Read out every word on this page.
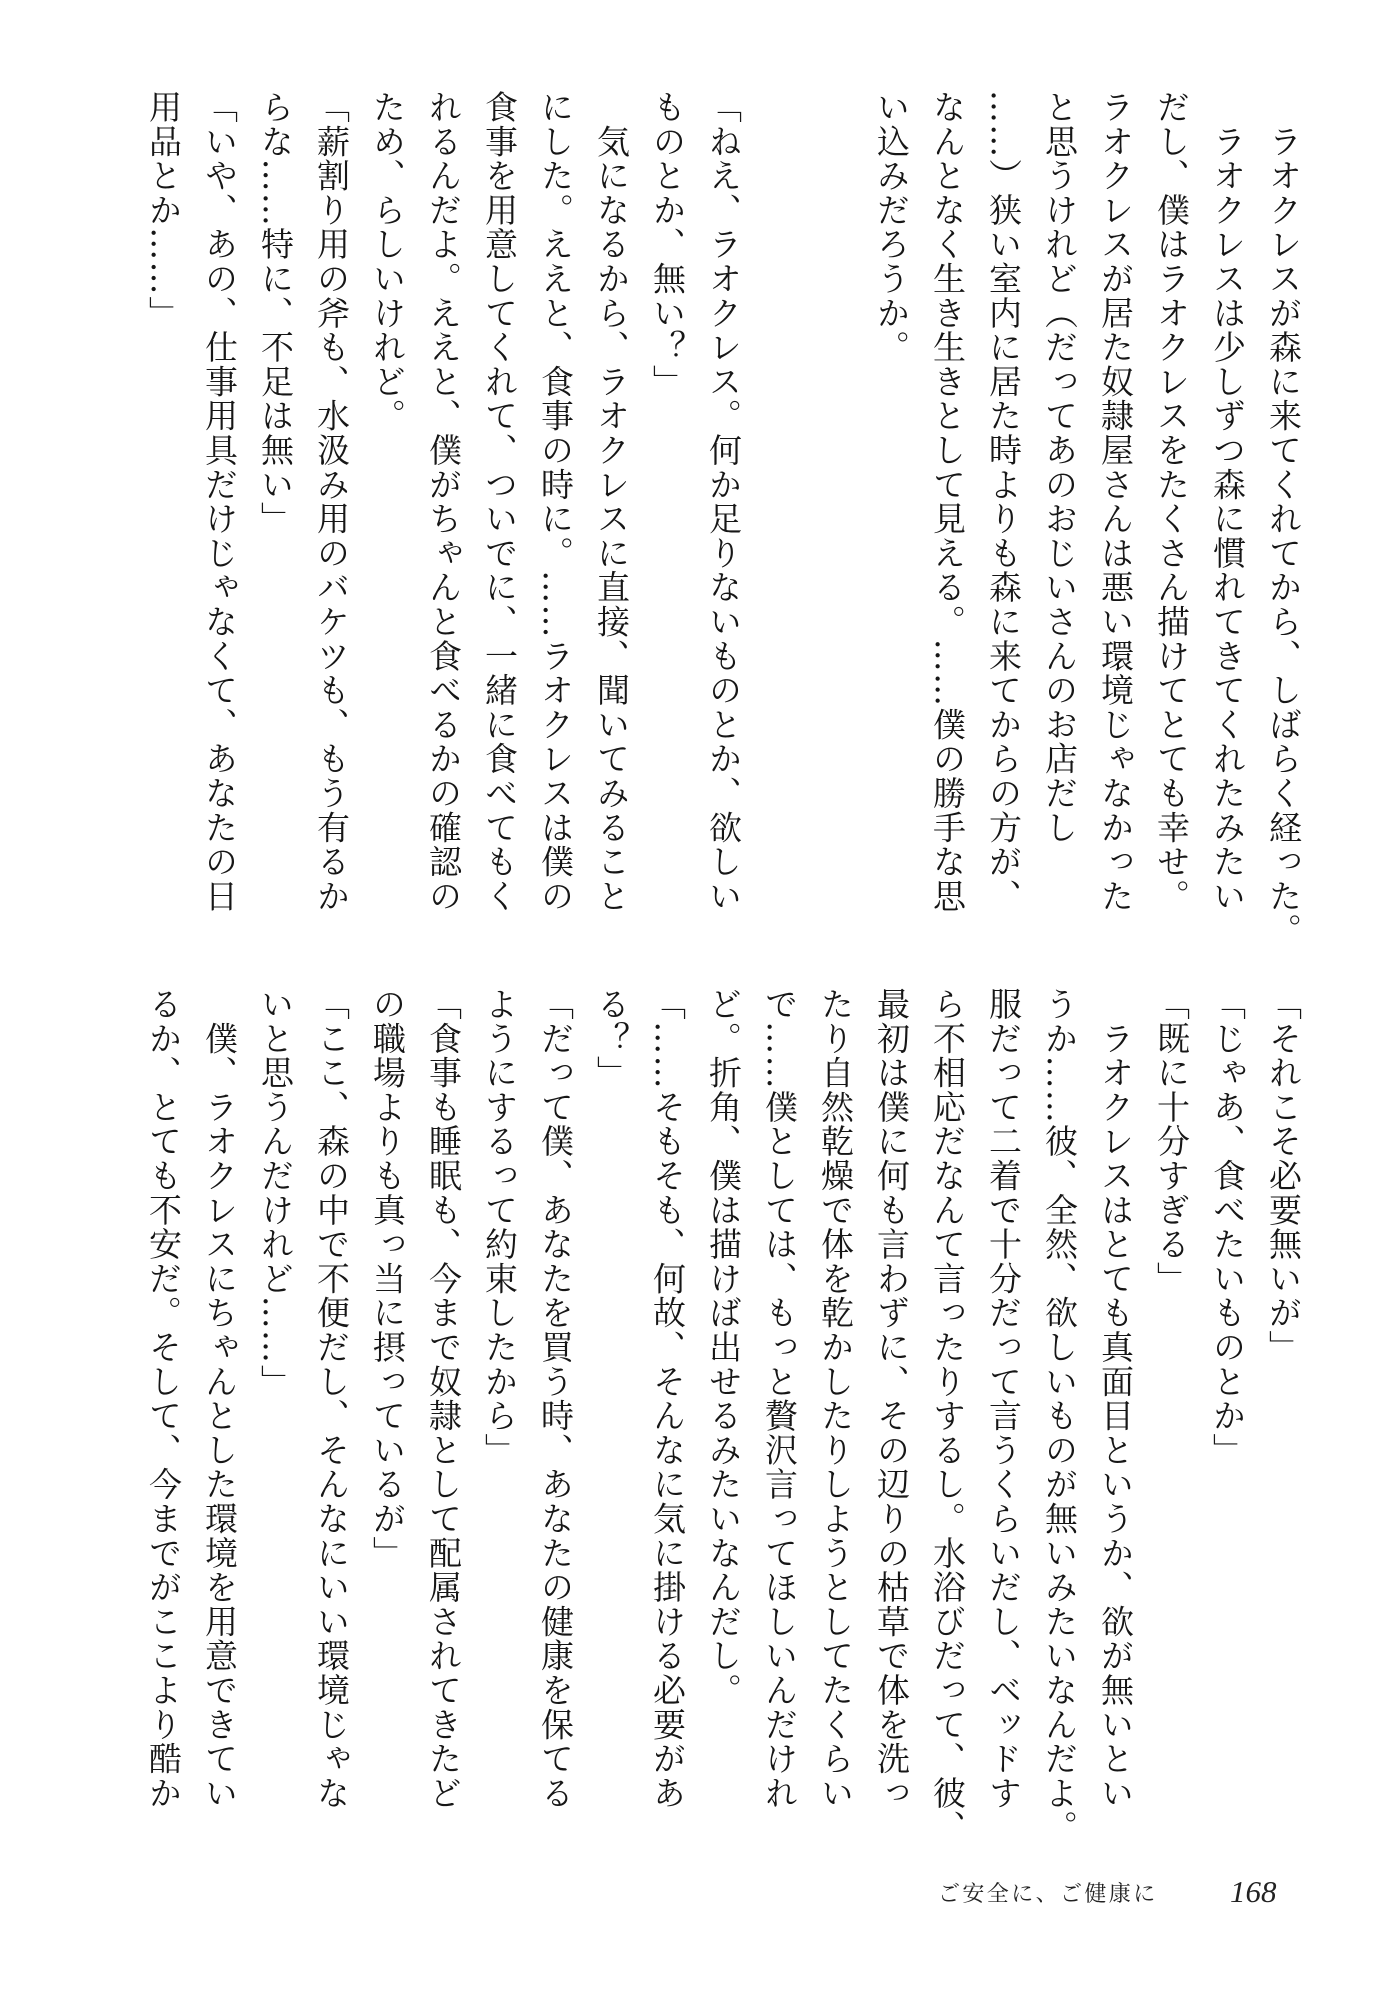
　ラオクレスが森に来てくれてから、しばらく経った。
　ラオクレスは少しずつ森に慣れてきてくれたみたい
だし、僕はラオクレスをたくさん描けてとても幸せ。
ラオクレスが居た奴隷屋さんは悪い環境じゃなかった
と思うけれど（だってあのおじいさんのお店だし
……）狭い室内に居た時よりも森に来てからの方が、
なんとなく生き生きとして見える。……僕の勝手な思
い込みだろうか。
「ねえ、ラオクレス。何か足りないものとか、欲しい
ものとか、無い？」
　気になるから、ラオクレスに直接、聞いてみること
にした。ええと、食事の時に。……ラオクレスは僕の
食事を用意してくれて、ついでに、一緒に食べてもく
れるんだよ。ええと、僕がちゃんと食べるかの確認の
ため、らしいけれど。
「薪割り用の斧も、水汲み用のバケツも、もう有るか
らな……特に、不足は無い」
「いや、あの、仕事用具だけじゃなくて、あなたの日
用品とか……」
「それこそ必要無いが」
「じゃあ、食べたいものとか」
「既に十分すぎる」
　ラオクレスはとても真面目というか、欲が無いとい
うか……彼、全然、欲しいものが無いみたいなんだよ。
服だって二着で十分だって言うくらいだし、ベッドす
ら不相応だなんて言ったりするし。水浴びだって、彼、
最初は僕に何も言わずに、その辺りの枯草で体を洗っ
たり自然乾燥で体を乾かしたりしようとしてたくらい
で……僕としては、もっと贅沢言ってほしいんだけれ
ど。折角、僕は描けば出せるみたいなんだし。
「……そもそも、何故、そんなに気に掛ける必要があ
る？」
「だって僕、あなたを買う時、あなたの健康を保てる
ようにするって約束したから」
「食事も睡眠も、今まで奴隷として配属されてきたど
の職場よりも真っ当に摂っているが」
「ここ、森の中で不便だし、そんなにいい環境じゃな
いと思うんだけれど……」
　僕、ラオクレスにちゃんとした環境を用意できてい
るか、とても不安だ。そして、今までがここより酷か
ご安全に、ご健康に 168
